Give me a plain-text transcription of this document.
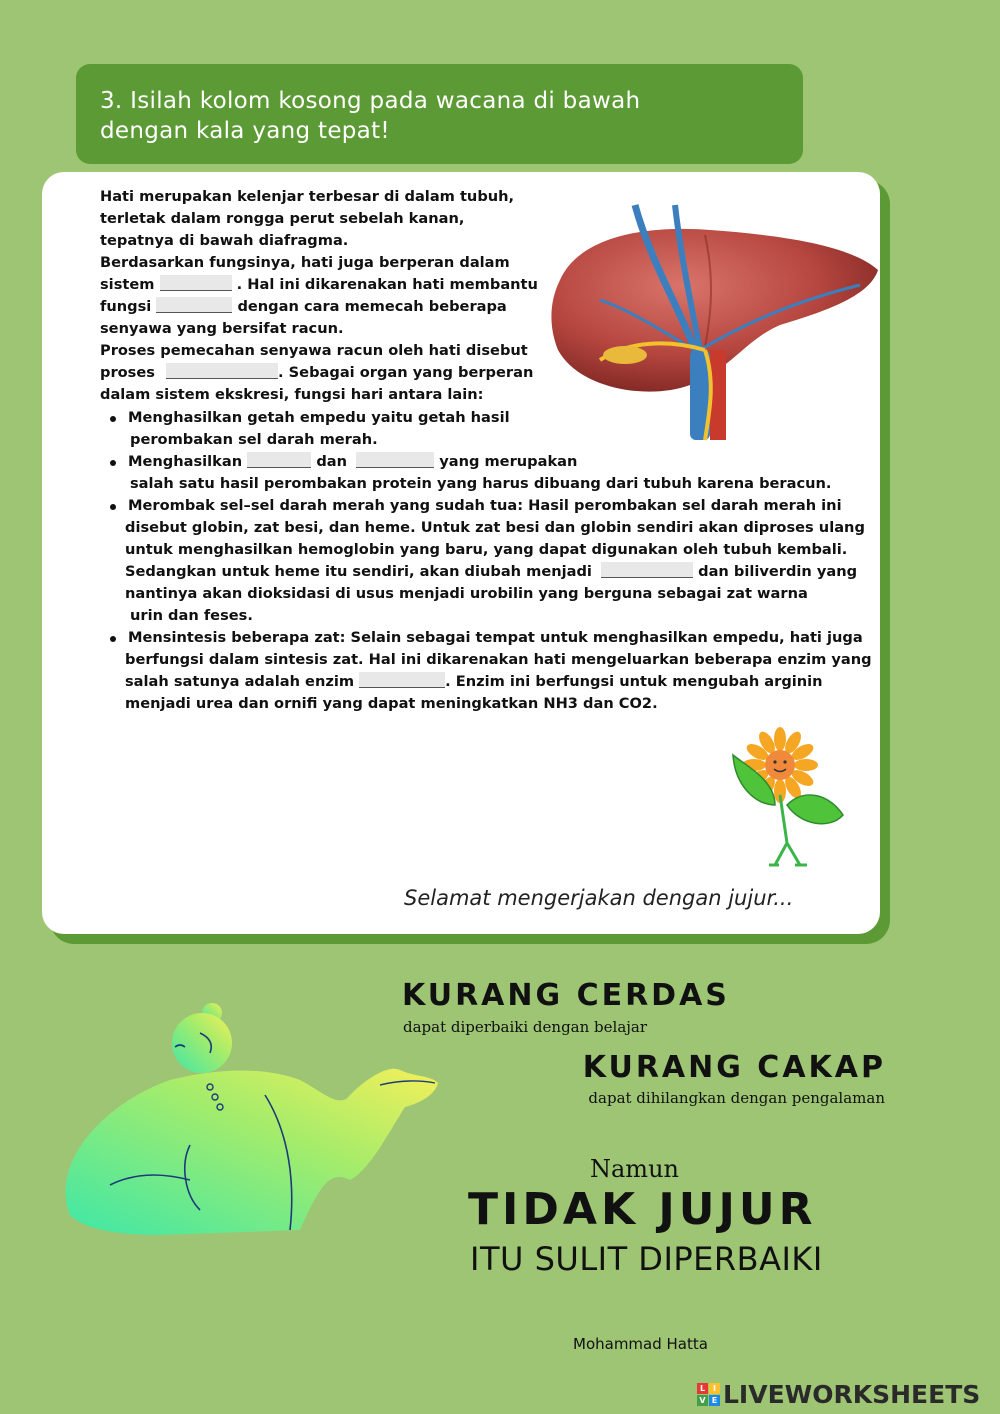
3. Isilah kolom kosong pada wacana di bawah
dengan kala yang tepat!
Hati merupakan kelenjar terbesar di dalam tubuh,
terletak dalam rongga perut sebelah kanan,
tepatnya di bawah diafragma.
Berdasarkan fungsinya, hati juga berperan dalam
sistem	. Hal ini dikarenakan hati membantu
fungsi	dengan cara memecah beberapa
senyawa yang bersifat racun.
Proses pemecahan senyawa racun oleh hati disebut
proses	. Sebagai organ yang berperan
dalam sistem ekskresi, fungsi hari antara lain:
Menghasilkan getah empedu yaitu getah hasil
perombakan sel darah merah.
Menghasilkan	dan	yang merupakan
salah satu hasil perombakan protein yang harus dibuang dari tubuh karena beracun.
Merombak sel–sel darah merah yang sudah tua: Hasil perombakan sel darah merah ini
disebut globin, zat besi, dan heme. Untuk zat besi dan globin sendiri akan diproses ulang
untuk menghasilkan hemoglobin yang baru, yang dapat digunakan oleh tubuh kembali.
Sedangkan untuk heme itu sendiri, akan diubah menjadi	dan biliverdin yang
nantinya akan dioksidasi di usus menjadi urobilin yang berguna sebagai zat warna
urin dan feses.
Mensintesis beberapa zat: Selain sebagai tempat untuk menghasilkan empedu, hati juga
berfungsi dalam sintesis zat. Hal ini dikarenakan hati mengeluarkan beberapa enzim yang
salah satunya adalah enzim	. Enzim ini berfungsi untuk mengubah arginin
menjadi urea dan ornifi yang dapat meningkatkan NH3 dan CO2.
Selamat mengerjakan dengan jujur...
KURANG CERDAS
dapat diperbaiki dengan belajar
KURANG CAKAP
dapat dihilangkan dengan pengalaman
Namun
TIDAK JUJUR
ITU SULIT DIPERBAIKI
Mohammad Hatta
L I
V E LIVEWORKSHEETS
